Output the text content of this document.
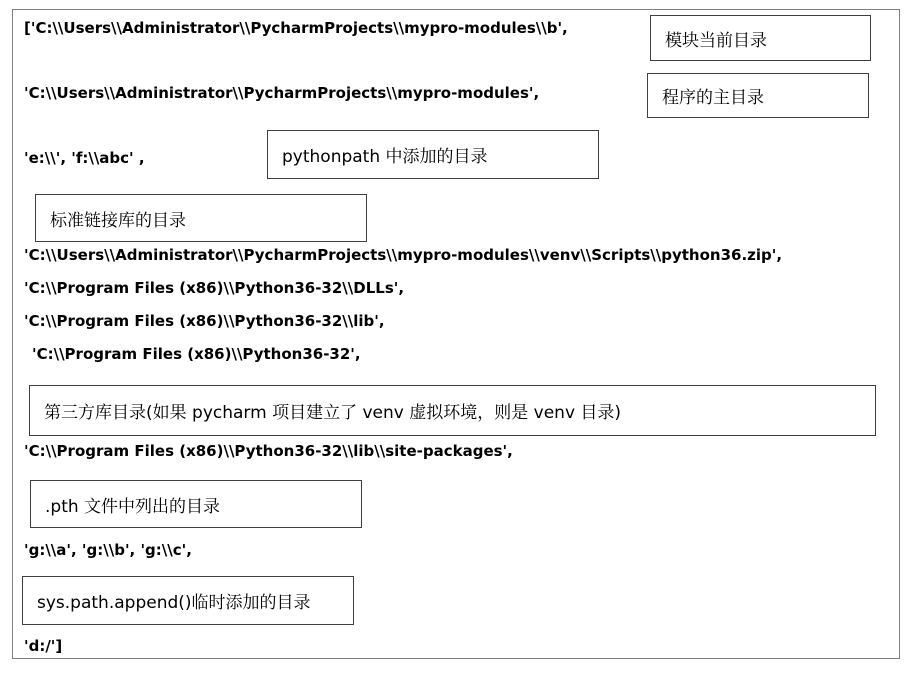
['C:\\Users\\Administrator\\PycharmProjects\\mypro-modules\\b',
模块当前目录
'C:\\Users\\Administrator\\PycharmProjects\\mypro-modules',	程序的主目录
'e:\\', 'f:\\abc' ,	pythonpath 中添加的目录
标准链接库的目录
'C:\\Users\\Administrator\\PycharmProjects\\mypro-modules\\venv\\Scripts\\python36.zip',
'C:\\Program Files (x86)\\Python36-32\\DLLs',
'C:\\Program Files (x86)\\Python36-32\\lib',
'C:\\Program Files (x86)\\Python36-32',
第三方库目录(如果 pycharm 项目建立了 venv 虚拟环境，则是 venv 目录)
'C:\\Program Files (x86)\\Python36-32\\lib\\site-packages',
.pth 文件中列出的目录
'g:\\a', 'g:\\b', 'g:\\c',
sys.path.append()临时添加的目录
'd:/']
